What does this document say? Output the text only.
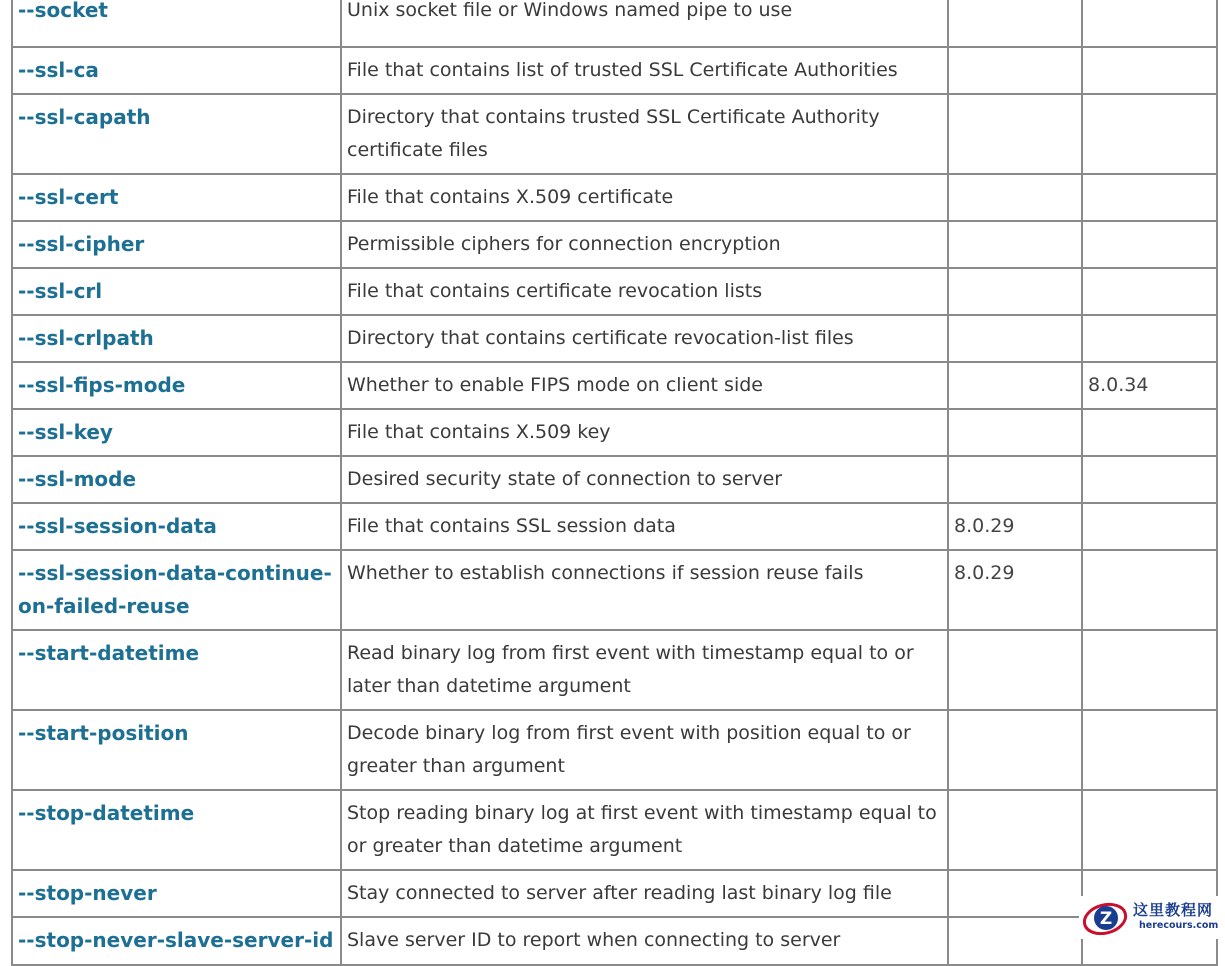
--socket	Unix socket file or Windows named pipe to use		
--ssl-ca	File that contains list of trusted SSL Certificate Authorities		
--ssl-capath	Directory that contains trusted SSL Certificate Authority certificate files		
--ssl-cert	File that contains X.509 certificate		
--ssl-cipher	Permissible ciphers for connection encryption		
--ssl-crl	File that contains certificate revocation lists		
--ssl-crlpath	Directory that contains certificate revocation-list files		
--ssl-fips-mode	Whether to enable FIPS mode on client side		8.0.34
--ssl-key	File that contains X.509 key		
--ssl-mode	Desired security state of connection to server		
--ssl-session-data	File that contains SSL session data	8.0.29	
--ssl-session-data-continue-on-failed-reuse	Whether to establish connections if session reuse fails	8.0.29	
--start-datetime	Read binary log from first event with timestamp equal to or later than datetime argument		
--start-position	Decode binary log from first event with position equal to or greater than argument		
--stop-datetime	Stop reading binary log at first event with timestamp equal to or greater than datetime argument		
--stop-never	Stay connected to server after reading last binary log file		
--stop-never-slave-server-id	Slave server ID to report when connecting to server		
Z 这里教程网
herecours.com
